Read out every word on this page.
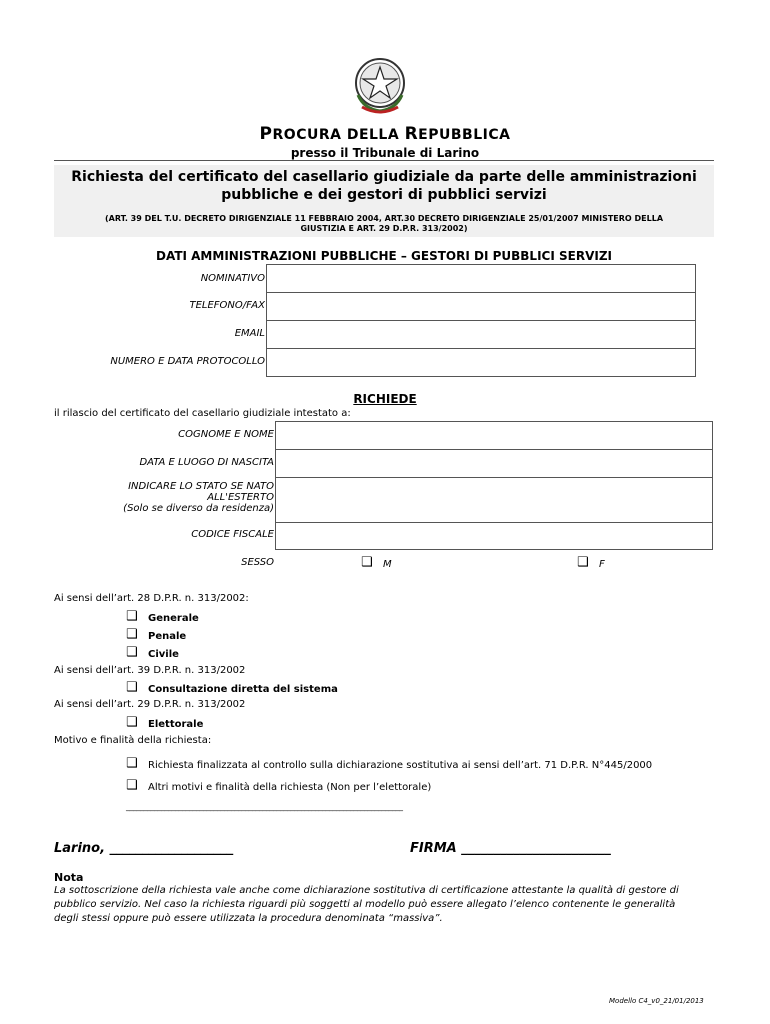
PROCURA DELLA REPUBBLICA
presso il Tribunale di Larino
Richiesta del certificato del casellario giudiziale da parte delle amministrazioni
pubbliche e dei gestori di pubblici servizi
(ART. 39 DEL T.U. DECRETO DIRIGENZIALE 11 FEBBRAIO 2004, ART.30 DECRETO DIRIGENZIALE 25/01/2007 MINISTERO DELLA
GIUSTIZIA E ART. 29 D.P.R. 313/2002)
DATI AMMINISTRAZIONI PUBBLICHE – GESTORI DI PUBBLICI SERVIZI
NOMINATIVO
TELEFONO/FAX
EMAIL
NUMERO E DATA PROTOCOLLO
RICHIEDE
il rilascio del certificato del casellario giudiziale intestato a:
COGNOME E NOME
DATA E LUOGO DI NASCITA
INDICARE LO STATO SE NATO
ALL'ESTERTO
(Solo se diverso da residenza)
CODICE FISCALE
SESSO	❑ M	❑ F
Ai sensi dell’art. 28 D.P.R. n. 313/2002:
❑ Generale
❑ Penale
❑ Civile
Ai sensi dell’art. 39 D.P.R. n. 313/2002
❑ Consultazione diretta del sistema
Ai sensi dell’art. 29 D.P.R. n. 313/2002
❑ Elettorale
Motivo e finalità della richiesta:
❑ Richiesta finalizzata al controllo sulla dichiarazione sostitutiva ai sensi dell’art. 71 D.P.R. N°445/2000
❑ Altri motivi e finalità della richiesta (Non per l’elettorale)
_______________________________________________________________________________
Larino, ___________________	FIRMA _______________________
Nota
La sottoscrizione della richiesta vale anche come dichiarazione sostitutiva di certificazione attestante la qualità di gestore di
pubblico servizio. Nel caso la richiesta riguardi più soggetti al modello può essere allegato l’elenco contenente le generalità
degli stessi oppure può essere utilizzata la procedura denominata “massiva”.
Modello C4_v0_21/01/2013
